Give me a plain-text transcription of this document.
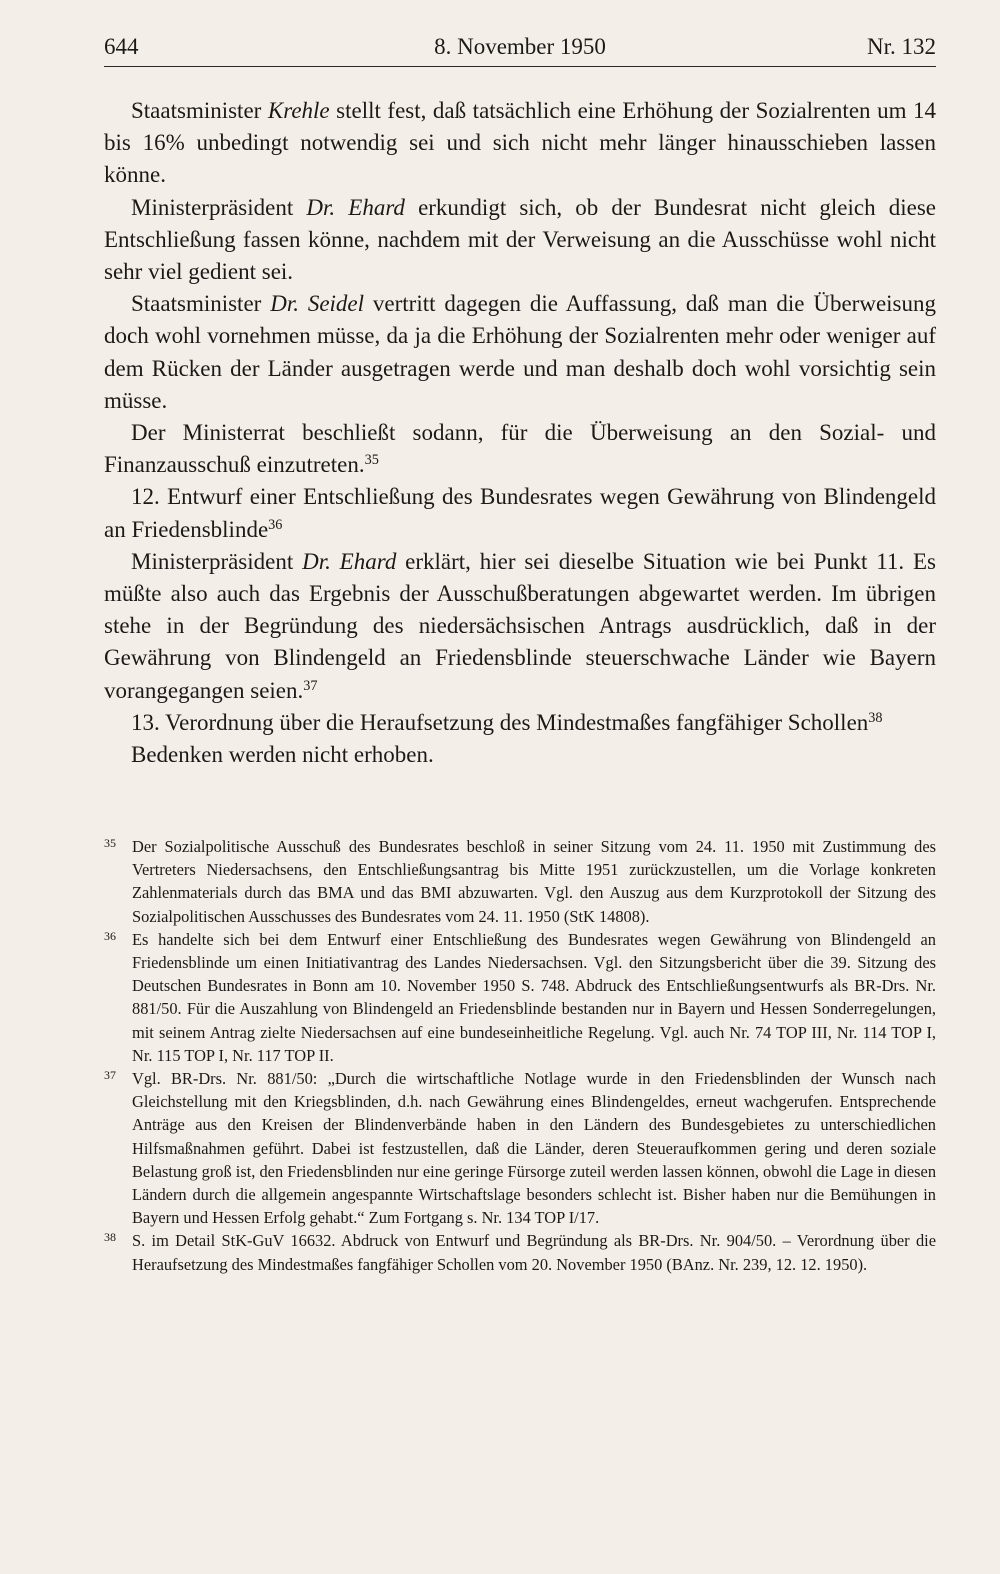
644	8. November 1950	Nr. 132

Staatsminister Krehle stellt fest, daß tatsächlich eine Erhöhung der Sozialrenten um 14 bis 16% unbedingt notwendig sei und sich nicht mehr länger hinausschieben lassen könne.

Ministerpräsident Dr. Ehard erkundigt sich, ob der Bundesrat nicht gleich diese Entschließung fassen könne, nachdem mit der Verweisung an die Ausschüsse wohl nicht sehr viel gedient sei.

Staatsminister Dr. Seidel vertritt dagegen die Auffassung, daß man die Überweisung doch wohl vornehmen müsse, da ja die Erhöhung der Sozialrenten mehr oder weniger auf dem Rücken der Länder ausgetragen werde und man deshalb doch wohl vorsichtig sein müsse.

Der Ministerrat beschließt sodann, für die Überweisung an den Sozial- und Finanzausschuß einzutreten.$^{35}$

12. Entwurf einer Entschließung des Bundesrates wegen Gewährung von Blindengeld an Friedensblinde$^{36}$

Ministerpräsident Dr. Ehard erklärt, hier sei dieselbe Situation wie bei Punkt 11. Es müßte also auch das Ergebnis der Ausschußberatungen abgewartet werden. Im übrigen stehe in der Begründung des niedersächsischen Antrags ausdrücklich, daß in der Gewährung von Blindengeld an Friedensblinde steuerschwache Länder wie Bayern vorangegangen seien.$^{37}$

13. Verordnung über die Heraufsetzung des Mindestmaßes fangfähiger Schollen$^{38}$

Bedenken werden nicht erhoben.

35 Der Sozialpolitische Ausschuß des Bundesrates beschloß in seiner Sitzung vom 24. 11. 1950 mit Zustimmung des Vertreters Niedersachsens, den Entschließungsantrag bis Mitte 1951 zurückzustellen, um die Vorlage konkreten Zahlenmaterials durch das BMA und das BMI abzuwarten. Vgl. den Auszug aus dem Kurzprotokoll der Sitzung des Sozialpolitischen Ausschusses des Bundesrates vom 24. 11. 1950 (StK 14808).
36 Es handelte sich bei dem Entwurf einer Entschließung des Bundesrates wegen Gewährung von Blindengeld an Friedensblinde um einen Initiativantrag des Landes Niedersachsen. Vgl. den Sitzungsbericht über die 39. Sitzung des Deutschen Bundesrates in Bonn am 10. November 1950 S. 748. Abdruck des Entschließungsentwurfs als BR-Drs. Nr. 881/50. Für die Auszahlung von Blindengeld an Friedensblinde bestanden nur in Bayern und Hessen Sonderregelungen, mit seinem Antrag zielte Niedersachsen auf eine bundeseinheitliche Regelung. Vgl. auch Nr. 74 TOP III, Nr. 114 TOP I, Nr. 115 TOP I, Nr. 117 TOP II.
37 Vgl. BR-Drs. Nr. 881/50: „Durch die wirtschaftliche Notlage wurde in den Friedensblinden der Wunsch nach Gleichstellung mit den Kriegsblinden, d.h. nach Gewährung eines Blindengeldes, erneut wachgerufen. Entsprechende Anträge aus den Kreisen der Blindenverbände haben in den Ländern des Bundesgebietes zu unterschiedlichen Hilfsmaßnahmen geführt. Dabei ist festzustellen, daß die Länder, deren Steueraufkommen gering und deren soziale Belastung groß ist, den Friedensblinden nur eine geringe Fürsorge zuteil werden lassen können, obwohl die Lage in diesen Ländern durch die allgemein angespannte Wirtschaftslage besonders schlecht ist. Bisher haben nur die Bemühungen in Bayern und Hessen Erfolg gehabt.“ Zum Fortgang s. Nr. 134 TOP I/17.
38 S. im Detail StK-GuV 16632. Abdruck von Entwurf und Begründung als BR-Drs. Nr. 904/50. – Verordnung über die Heraufsetzung des Mindestmaßes fangfähiger Schollen vom 20. November 1950 (BAnz. Nr. 239, 12. 12. 1950).
